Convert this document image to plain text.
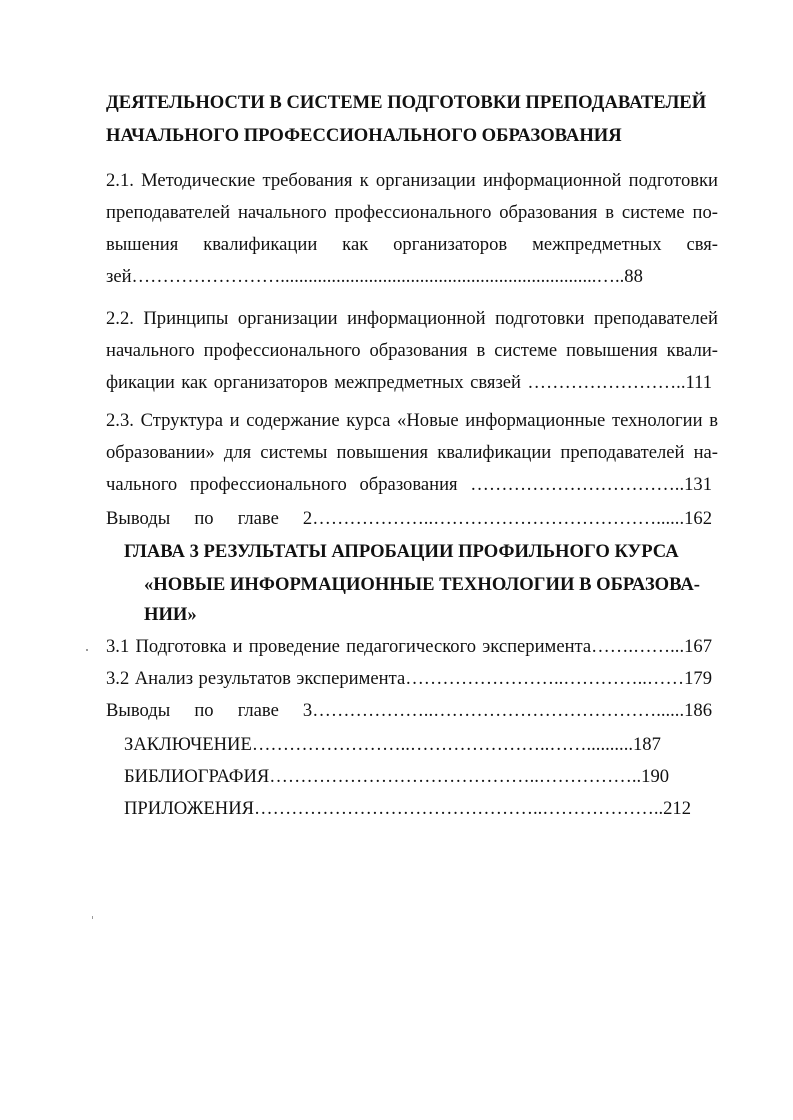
ДЕЯТЕЛЬНОСТИ В СИСТЕМЕ ПОДГОТОВКИ ПРЕПОДАВАТЕЛЕЙ
НАЧАЛЬНОГО ПРОФЕССИОНАЛЬНОГО ОБРАЗОВАНИЯ
2.1. Методические требования к организации информационной подготовки
преподавателей начального профессионального образования в системе по-
вышения квалификации как организаторов межпредметных свя-
зей……………………....................................................................…..88
2.2. Принципы организации информационной подготовки преподавателей
начального профессионального образования в системе повышения квали-
фикации как организаторов межпредметных связей ……………………..111
2.3. Структура и содержание курса «Новые информационные технологии в
образовании» для системы повышения квалификации преподавателей на-
чального профессионального образования ……………………………..131
Выводы по главе 2………………..………………………………......162
ГЛАВА 3 РЕЗУЛЬТАТЫ АПРОБАЦИИ ПРОФИЛЬНОГО КУРСА
«НОВЫЕ ИНФОРМАЦИОННЫЕ ТЕХНОЛОГИИ В ОБРАЗОВА-
НИИ»
3.1 Подготовка и проведение педагогического эксперимента…….……...167
3.2 Анализ результатов эксперимента……………………..…………..……179
Выводы по главе 3………………..………………………………......186
ЗАКЛЮЧЕНИЕ……………………..…………………..……..........187
БИБЛИОГРАФИЯ……………………………………..……………..190
ПРИЛОЖЕНИЯ………………………………………..………………..212
